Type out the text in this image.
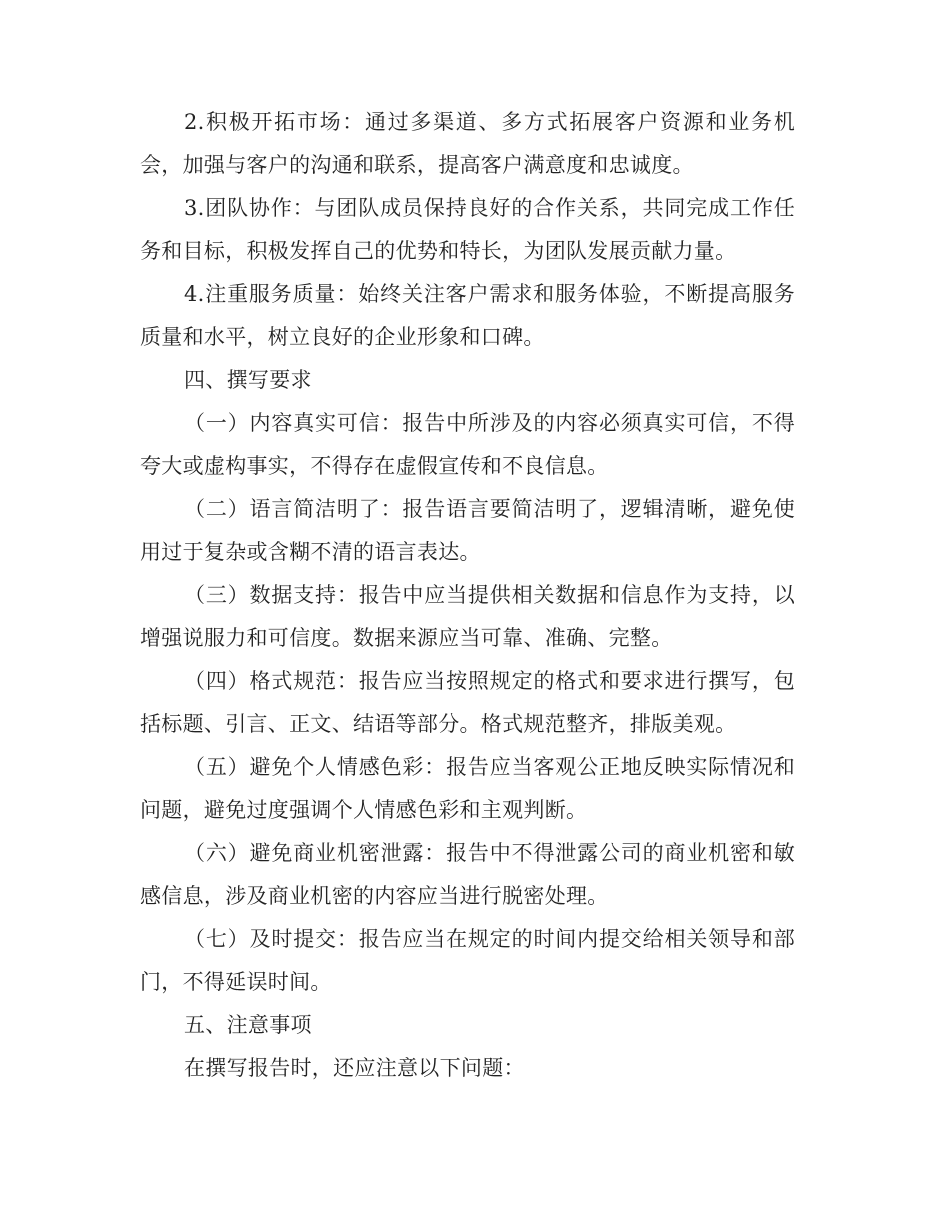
2.积极开拓市场：通过多渠道、多方式拓展客户资源和业务机会，加强与客户的沟通和联系，提高客户满意度和忠诚度。

3.团队协作：与团队成员保持良好的合作关系，共同完成工作任务和目标，积极发挥自己的优势和特长，为团队发展贡献力量。

4.注重服务质量：始终关注客户需求和服务体验，不断提高服务质量和水平，树立良好的企业形象和口碑。

四、撰写要求

（一）内容真实可信：报告中所涉及的内容必须真实可信，不得夸大或虚构事实，不得存在虚假宣传和不良信息。

（二）语言简洁明了：报告语言要简洁明了，逻辑清晰，避免使用过于复杂或含糊不清的语言表达。

（三）数据支持：报告中应当提供相关数据和信息作为支持，以增强说服力和可信度。数据来源应当可靠、准确、完整。

（四）格式规范：报告应当按照规定的格式和要求进行撰写，包括标题、引言、正文、结语等部分。格式规范整齐，排版美观。

（五）避免个人情感色彩：报告应当客观公正地反映实际情况和问题，避免过度强调个人情感色彩和主观判断。

（六）避免商业机密泄露：报告中不得泄露公司的商业机密和敏感信息，涉及商业机密的内容应当进行脱密处理。

（七）及时提交：报告应当在规定的时间内提交给相关领导和部门，不得延误时间。

五、注意事项

在撰写报告时，还应注意以下问题：
